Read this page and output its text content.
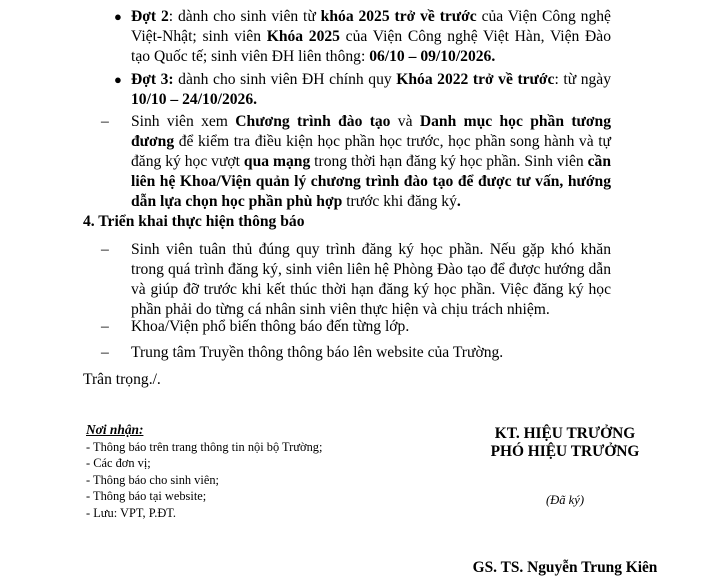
● Đợt 2: dành cho sinh viên từ khóa 2025 trở về trước của Viện Công nghệ Việt-Nhật; sinh viên Khóa 2025 của Viện Công nghệ Việt Hàn, Viện Đào tạo Quốc tế; sinh viên ĐH liên thông: 06/10 – 09/10/2026.

● Đợt 3: dành cho sinh viên ĐH chính quy Khóa 2022 trở về trước: từ ngày 10/10 – 24/10/2026.

– Sinh viên xem Chương trình đào tạo và Danh mục học phần tương đương để kiểm tra điều kiện học phần học trước, học phần song hành và tự đăng ký học vượt qua mạng trong thời hạn đăng ký học phần. Sinh viên cần liên hệ Khoa/Viện quản lý chương trình đào tạo để được tư vấn, hướng dẫn lựa chọn học phần phù hợp trước khi đăng ký.

4. Triển khai thực hiện thông báo
– Sinh viên tuân thủ đúng quy trình đăng ký học phần. Nếu gặp khó khăn trong quá trình đăng ký, sinh viên liên hệ Phòng Đào tạo để được hướng dẫn và giúp đỡ trước khi kết thúc thời hạn đăng ký học phần. Việc đăng ký học phần phải do từng cá nhân sinh viên thực hiện và chịu trách nhiệm.

– Khoa/Viện phổ biến thông báo đến từng lớp.

– Trung tâm Truyền thông thông báo lên website của Trường.

Trân trọng./.

Nơi nhận:
- Thông báo trên trang thông tin nội bộ Trường;
- Các đơn vị;
- Thông báo cho sinh viên;
- Thông báo tại website;
- Lưu: VPT, P.ĐT.
KT. HIỆU TRƯỞNG
PHÓ HIỆU TRƯỞNG
(Đã ký)
GS. TS. Nguyễn Trung Kiên
